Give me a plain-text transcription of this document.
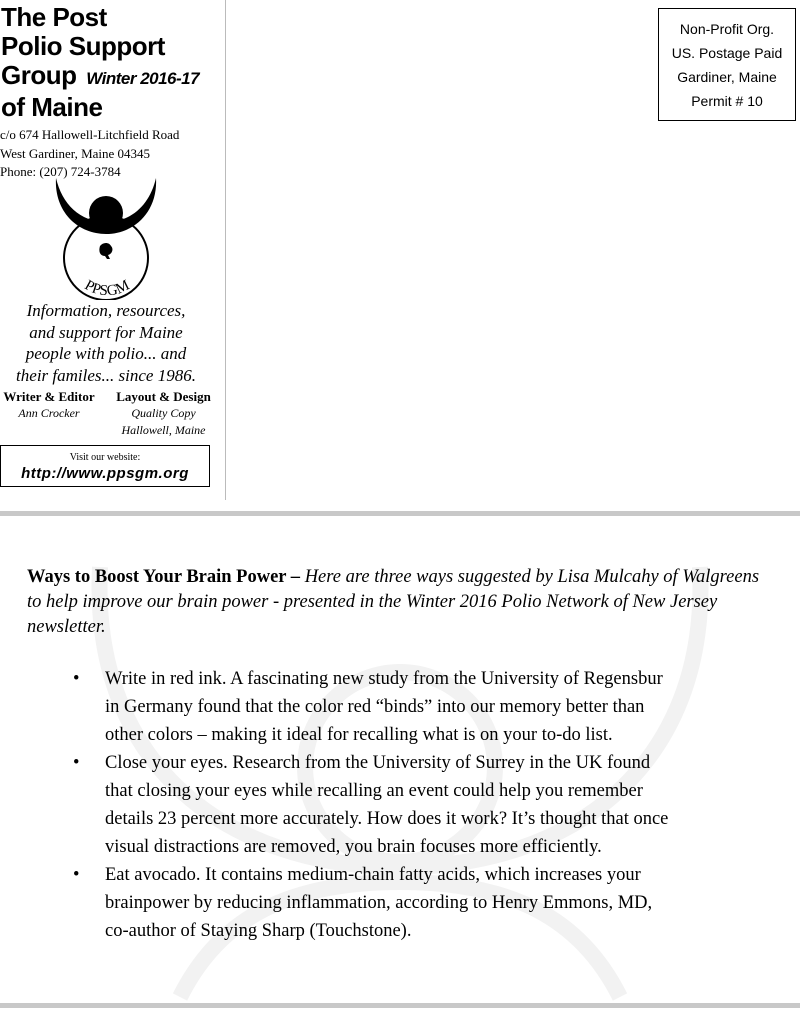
The Post
Polio Support
Group Winter 2016-17
of Maine
c/o 674 Hallowell-Litchfield Road
West Gardiner, Maine 04345
Phone: (207) 724-3784
PPSGM
Information, resources,
and support for Maine
people with polio... and
their familes... since 1986.
Writer & Editor
Ann Crocker
Layout & Design
Quality Copy
Hallowell, Maine
Visit our website:
http://www.ppsgm.org
Non-Profit Org.
US. Postage Paid
Gardiner, Maine
Permit # 10

Ways to Boost Your Brain Power – Here are three ways suggested by Lisa Mulcahy of Walgreens to help improve our brain power - presented in the Winter 2016 Polio Network of New Jersey newsletter.

• Write in red ink. A fascinating new study from the University of Regensbur
in Germany found that the color red “binds” into our memory better than
other colors – making it ideal for recalling what is on your to-do list.
• Close your eyes. Research from the University of Surrey in the UK found
that closing your eyes while recalling an event could help you remember
details 23 percent more accurately. How does it work? It’s thought that once
visual distractions are removed, you brain focuses more efficiently.
• Eat avocado. It contains medium-chain fatty acids, which increases your
brainpower by reducing inflammation, according to Henry Emmons, MD,
co-author of Staying Sharp (Touchstone).
